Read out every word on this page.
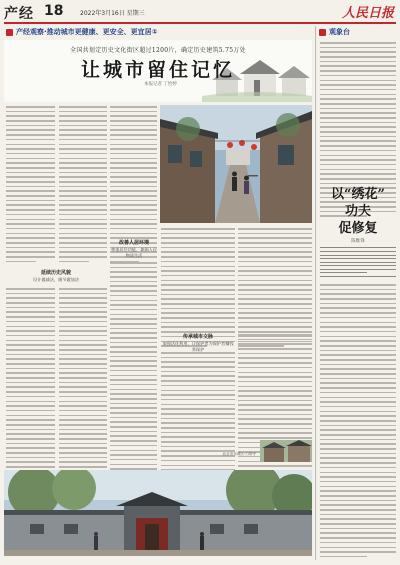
产经 18	2022年3月16日 星期三	人民日报
产经观察·推动城市更健康、更安全、更宜居①	观象台
全国共划定历史文化街区超过1200片，确定历史建筑5.75万处
让城市留住记忆
本报记者 丁怡婷
延续历史风貌
设计做减法，细节做加法
改善人居环境
尊重居住功能，兼顾人民物质生活
传承城市文脉
加强活化利用，让保护者为保护者赚钱养保护
北京市东城区·白塔寺
以“绣花”
功夫
促修复
陈维锋
